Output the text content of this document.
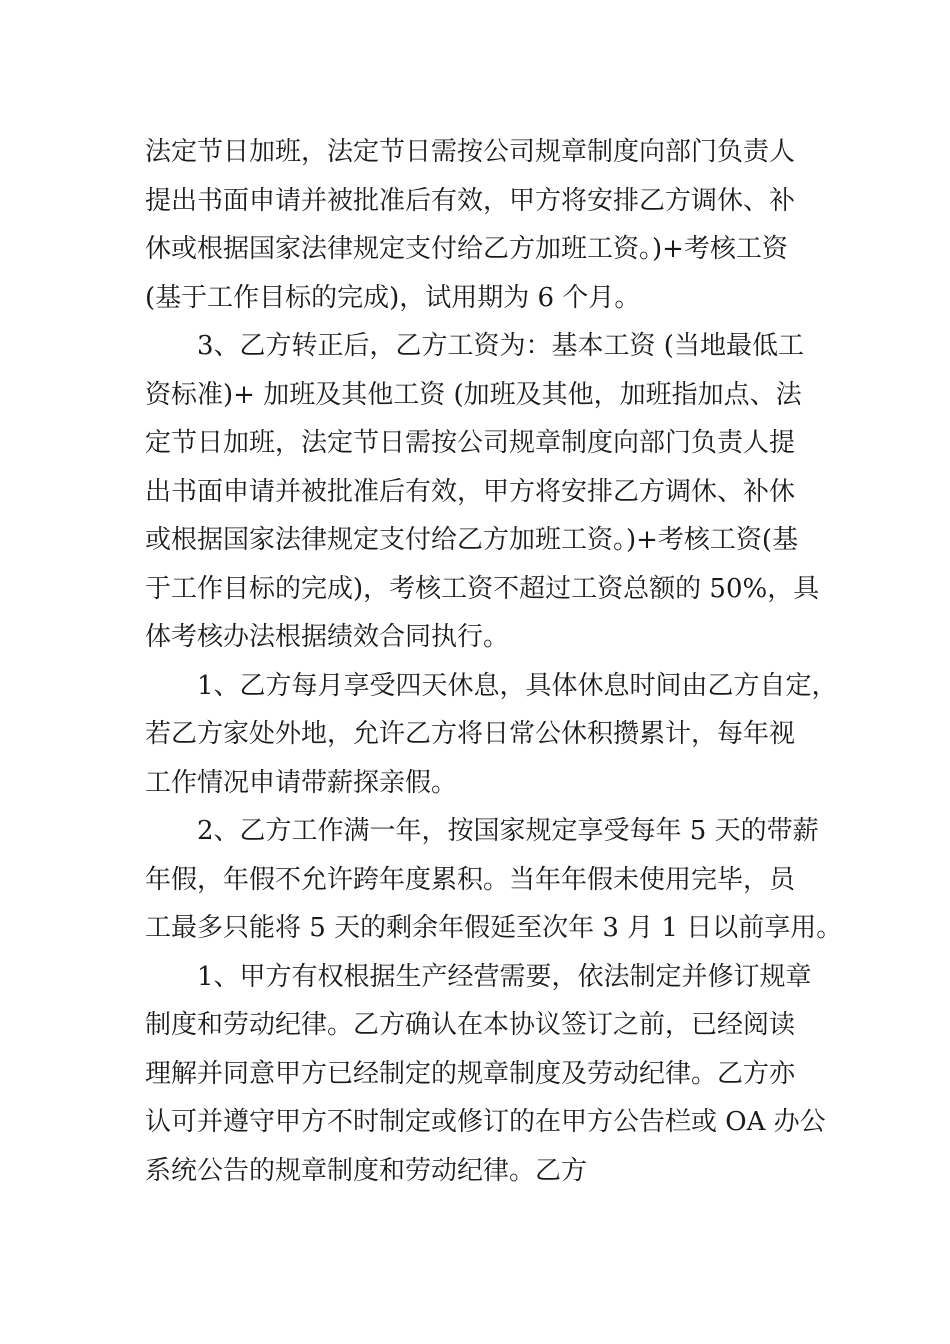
法定节日加班，法定节日需按公司规章制度向部门负责人
提出书面申请并被批准后有效，甲方将安排乙方调休、补
休或根据国家法律规定支付给乙方加班工资。)+考核工资
(基于工作目标的完成)，试用期为 6 个月。
3、乙方转正后，乙方工资为：基本工资 (当地最低工
资标准)+ 加班及其他工资 (加班及其他，加班指加点、法
定节日加班，法定节日需按公司规章制度向部门负责人提
出书面申请并被批准后有效，甲方将安排乙方调休、补休
或根据国家法律规定支付给乙方加班工资。)+考核工资(基
于工作目标的完成)，考核工资不超过工资总额的 50%，具
体考核办法根据绩效合同执行。
1、乙方每月享受四天休息，具体休息时间由乙方自定，
若乙方家处外地，允许乙方将日常公休积攒累计，每年视
工作情况申请带薪探亲假。
2、乙方工作满一年，按国家规定享受每年 5 天的带薪
年假，年假不允许跨年度累积。当年年假未使用完毕，员
工最多只能将 5 天的剩余年假延至次年 3 月 1 日以前享用。
1、甲方有权根据生产经营需要，依法制定并修订规章
制度和劳动纪律。乙方确认在本协议签订之前，已经阅读
理解并同意甲方已经制定的规章制度及劳动纪律。乙方亦
认可并遵守甲方不时制定或修订的在甲方公告栏或 OA 办公
系统公告的规章制度和劳动纪律。乙方
